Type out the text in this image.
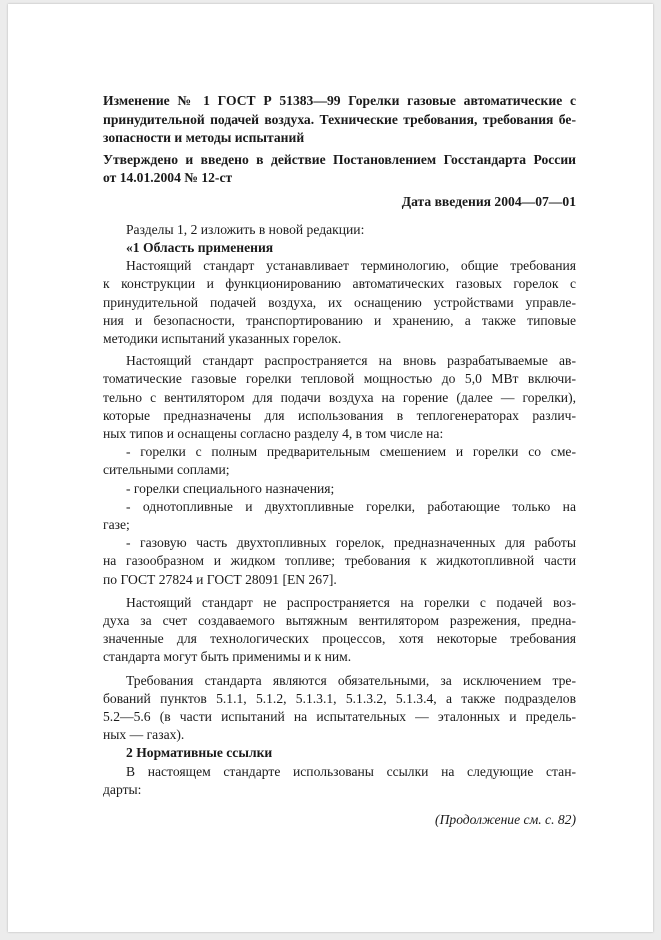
Изменение № 1 ГОСТ Р 51383—99 Горелки газовые автоматические с
принудительной подачей воздуха. Технические требования, требования бе-
зопасности и методы испытаний
Утверждено и введено в действие Постановлением Госстандарта России
от 14.01.2004 № 12-ст
Дата введения 2004—07—01
Разделы 1, 2 изложить в новой редакции:
«1 Область применения
Настоящий стандарт устанавливает терминологию, общие требования
к конструкции и функционированию автоматических газовых горелок с
принудительной подачей воздуха, их оснащению устройствами управле-
ния и безопасности, транспортированию и хранению, а также типовые
методики испытаний указанных горелок.
Настоящий стандарт распространяется на вновь разрабатываемые ав-
томатические газовые горелки тепловой мощностью до 5,0 МВт включи-
тельно с вентилятором для подачи воздуха на горение (далее — горелки),
которые предназначены для использования в теплогенераторах различ-
ных типов и оснащены согласно разделу 4, в том числе на:
- горелки с полным предварительным смешением и горелки со сме-
сительными соплами;
- горелки специального назначения;
- однотопливные и двухтопливные горелки, работающие только на
газе;
- газовую часть двухтопливных горелок, предназначенных для работы
на газообразном и жидком топливе; требования к жидкотопливной части
по ГОСТ 27824 и ГОСТ 28091 [EN 267].
Настоящий стандарт не распространяется на горелки с подачей воз-
духа за счет создаваемого вытяжным вентилятором разрежения, предна-
значенные для технологических процессов, хотя некоторые требования
стандарта могут быть применимы и к ним.
Требования стандарта являются обязательными, за исключением тре-
бований пунктов 5.1.1, 5.1.2, 5.1.3.1, 5.1.3.2, 5.1.3.4, а также подразделов
5.2—5.6 (в части испытаний на испытательных — эталонных и предель-
ных — газах).
2 Нормативные ссылки
В настоящем стандарте использованы ссылки на следующие стан-
дарты:
(Продолжение см. с. 82)
